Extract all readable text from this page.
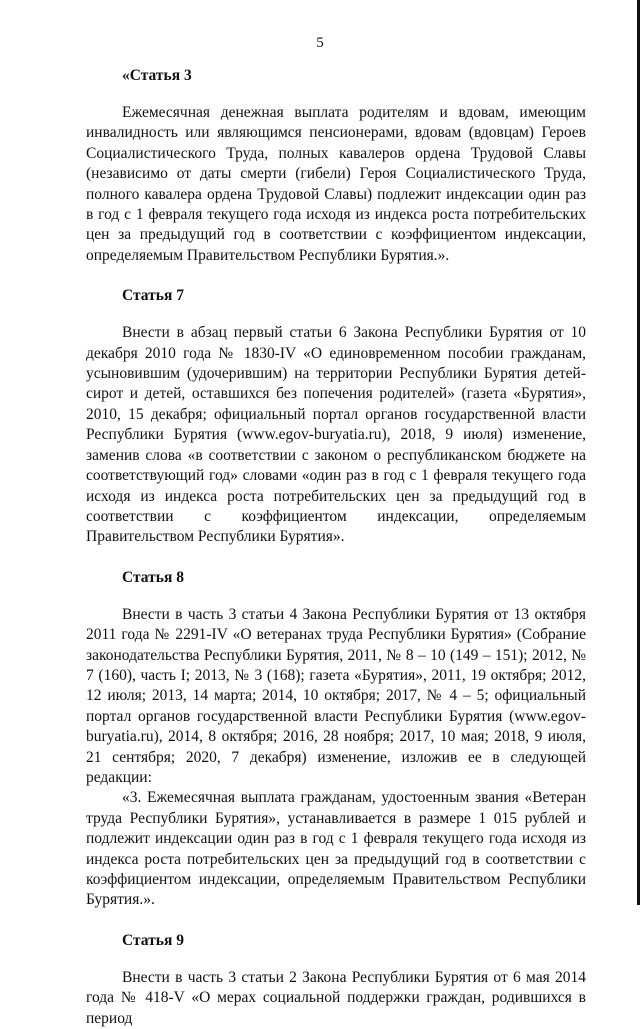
5
«Статья 3

Ежемесячная денежная выплата родителям и вдовам, имеющим инвалидность или являющимся пенсионерами, вдовам (вдовцам) Героев Социалистического Труда, полных кавалеров ордена Трудовой Славы (независимо от даты смерти (гибели) Героя Социалистического Труда, полного кавалера ордена Трудовой Славы) подлежит индексации один раз в год с 1 февраля текущего года исходя из индекса роста потребительских цен за предыдущий год в соответствии с коэффициентом индексации, определяемым Правительством Республики Бурятия.».

Статья 7

Внести в абзац первый статьи 6 Закона Республики Бурятия от 10 декабря 2010 года № 1830-IV «О единовременном пособии гражданам, усыновившим (удочерившим) на территории Республики Бурятия детей-сирот и детей, оставшихся без попечения родителей» (газета «Бурятия», 2010, 15 декабря; официальный портал органов государственной власти Республики Бурятия (www.egov-buryatia.ru), 2018, 9 июля) изменение, заменив слова «в соответствии с законом о республиканском бюджете на соответствующий год» словами «один раз в год с 1 февраля текущего года исходя из индекса роста потребительских цен за предыдущий год в соответствии с коэффициентом индексации, определяемым Правительством Республики Бурятия».

Статья 8

Внести в часть 3 статьи 4 Закона Республики Бурятия от 13 октября 2011 года № 2291-IV «О ветеранах труда Республики Бурятия» (Собрание законодательства Республики Бурятия, 2011, № 8 – 10 (149 – 151); 2012, № 7 (160), часть I; 2013, № 3 (168); газета «Бурятия», 2011, 19 октября; 2012, 12 июля; 2013, 14 марта; 2014, 10 октября; 2017, № 4 – 5; официальный портал органов государственной власти Республики Бурятия (www.egov-buryatia.ru), 2014, 8 октября; 2016, 28 ноября; 2017, 10 мая; 2018, 9 июля, 21 сентября; 2020, 7 декабря) изменение, изложив ее в следующей редакции:

«3. Ежемесячная выплата гражданам, удостоенным звания «Ветеран труда Республики Бурятия», устанавливается в размере 1 015 рублей и подлежит индексации один раз в год с 1 февраля текущего года исходя из индекса роста потребительских цен за предыдущий год в соответствии с коэффициентом индексации, определяемым Правительством Республики Бурятия.».

Статья 9

Внести в часть 3 статьи 2 Закона Республики Бурятия от 6 мая 2014 года № 418-V «О мерах социальной поддержки граждан, родившихся в период
